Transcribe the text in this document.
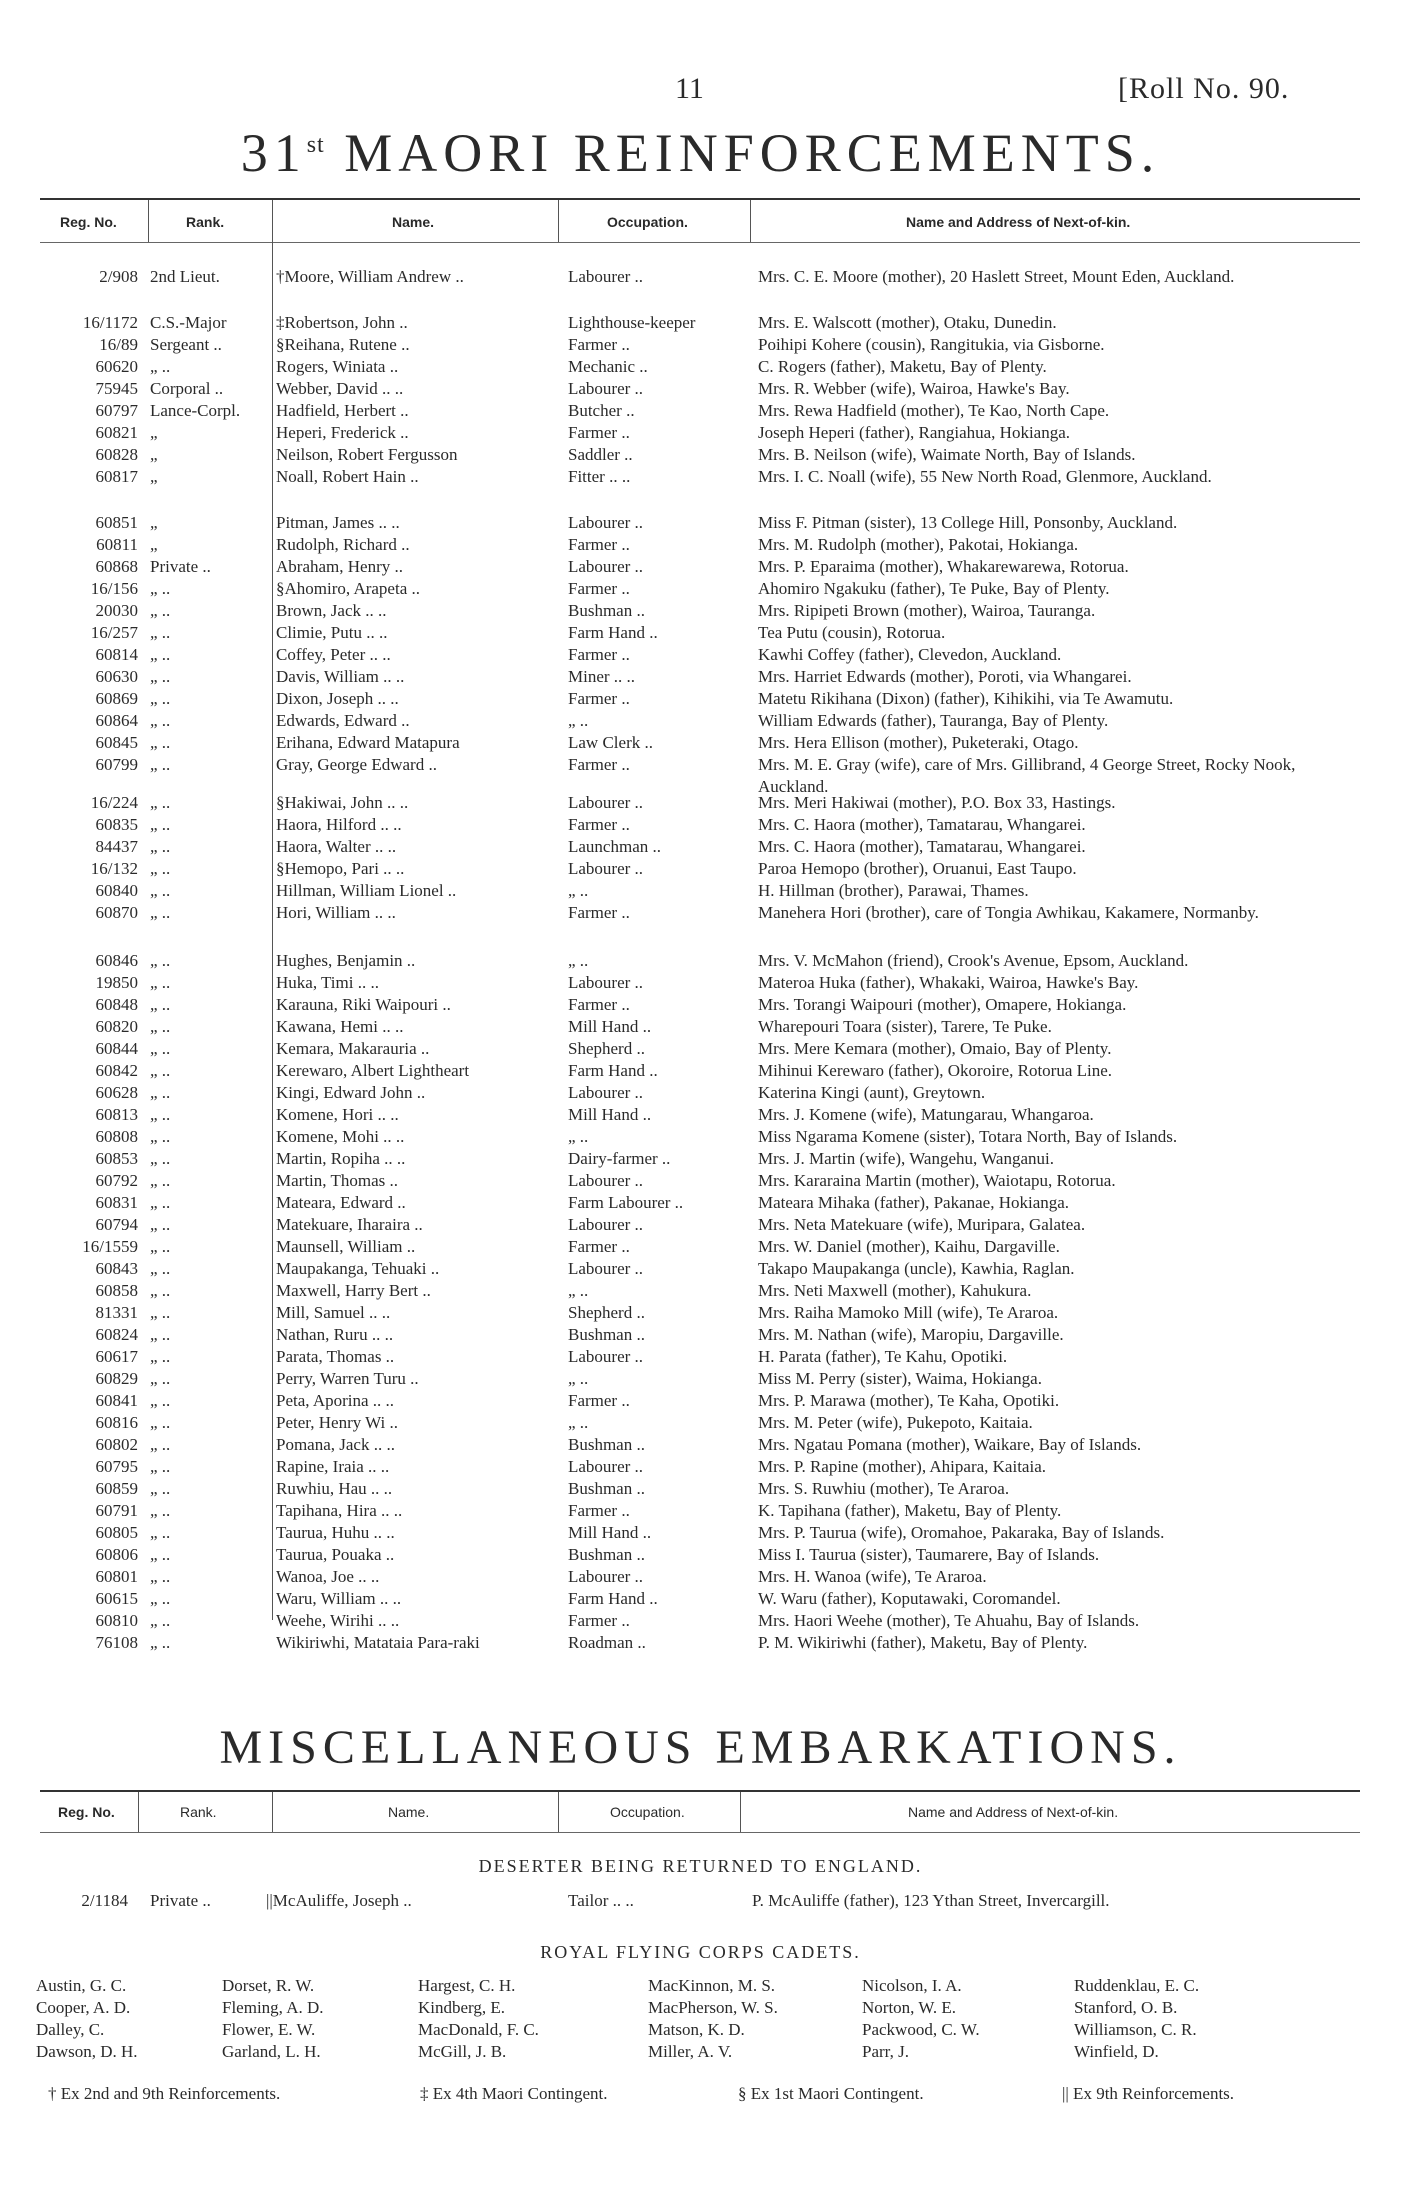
11	[Roll No. 90.
31st MAORI REINFORCEMENTS.
Reg. No.	Rank.	Name.	Occupation.	Name and Address of Next-of-kin.
2/908 2nd Lieut.	†Moore, William Andrew ..	Labourer ..	Mrs. C. E. Moore (mother), 20 Haslett Street, Mount Eden, Auckland.
16/1172 C.S.-Major	‡Robertson, John ..	Lighthouse-keeper	Mrs. E. Walscott (mother), Otaku, Dunedin.
16/89 Sergeant ..	§Reihana, Rutene ..	Farmer ..	Poihipi Kohere (cousin), Rangitukia, via Gisborne.
60620 „ ..	Rogers, Winiata ..	Mechanic ..	C. Rogers (father), Maketu, Bay of Plenty.
75945 Corporal ..	Webber, David .. ..	Labourer ..	Mrs. R. Webber (wife), Wairoa, Hawke's Bay.
60797 Lance-Corpl. Hadfield, Herbert ..	Butcher ..	Mrs. Rewa Hadfield (mother), Te Kao, North Cape.
60821 „	Heperi, Frederick ..	Farmer ..	Joseph Heperi (father), Rangiahua, Hokianga.
60828 „	Neilson, Robert Fergusson	Saddler ..	Mrs. B. Neilson (wife), Waimate North, Bay of Islands.
60817 „	Noall, Robert Hain ..	Fitter .. ..	Mrs. I. C. Noall (wife), 55 New North Road, Glenmore, Auckland.
60851 „	Pitman, James .. ..	Labourer ..	Miss F. Pitman (sister), 13 College Hill, Ponsonby, Auckland.
60811 „	Rudolph, Richard ..	Farmer ..	Mrs. M. Rudolph (mother), Pakotai, Hokianga.
60868 Private ..	Abraham, Henry ..	Labourer ..	Mrs. P. Eparaima (mother), Whakarewarewa, Rotorua.
16/156 „ ..	§Ahomiro, Arapeta ..	Farmer ..	Ahomiro Ngakuku (father), Te Puke, Bay of Plenty.
20030 „ ..	Brown, Jack .. ..	Bushman ..	Mrs. Ripipeti Brown (mother), Wairoa, Tauranga.
16/257 „ ..	Climie, Putu .. ..	Farm Hand ..	Tea Putu (cousin), Rotorua.
60814 „ ..	Coffey, Peter .. ..	Farmer ..	Kawhi Coffey (father), Clevedon, Auckland.
60630 „ ..	Davis, William .. ..	Miner .. ..	Mrs. Harriet Edwards (mother), Poroti, via Whangarei.
60869 „ ..	Dixon, Joseph .. ..	Farmer ..	Matetu Rikihana (Dixon) (father), Kihikihi, via Te Awamutu.
60864 „ ..	Edwards, Edward ..	„ ..	William Edwards (father), Tauranga, Bay of Plenty.
60845 „ ..	Erihana, Edward Matapura	Law Clerk ..	Mrs. Hera Ellison (mother), Puketeraki, Otago.
60799 „ ..	Gray, George Edward ..	Farmer ..	Mrs. M. E. Gray (wife), care of Mrs. Gillibrand, 4 George Street, Rocky Nook, Auckland.
16/224 „ ..	§Hakiwai, John .. ..	Labourer ..	Mrs. Meri Hakiwai (mother), P.O. Box 33, Hastings.
60835 „ ..	Haora, Hilford .. ..	Farmer ..	Mrs. C. Haora (mother), Tamatarau, Whangarei.
84437 „ ..	Haora, Walter .. ..	Launchman ..	Mrs. C. Haora (mother), Tamatarau, Whangarei.
16/132 „ ..	§Hemopo, Pari .. ..	Labourer ..	Paroa Hemopo (brother), Oruanui, East Taupo.
60840 „ ..	Hillman, William Lionel ..	„ ..	H. Hillman (brother), Parawai, Thames.
60870 „ ..	Hori, William .. ..	Farmer ..	Manehera Hori (brother), care of Tongia Awhikau, Kakamere, Normanby.
60846 „ ..	Hughes, Benjamin ..	„ ..	Mrs. V. McMahon (friend), Crook's Avenue, Epsom, Auckland.
19850 „ ..	Huka, Timi .. ..	Labourer ..	Materoa Huka (father), Whakaki, Wairoa, Hawke's Bay.
60848 „ ..	Karauna, Riki Waipouri ..	Farmer ..	Mrs. Torangi Waipouri (mother), Omapere, Hokianga.
60820 „ ..	Kawana, Hemi .. ..	Mill Hand ..	Wharepouri Toara (sister), Tarere, Te Puke.
60844 „ ..	Kemara, Makarauria ..	Shepherd ..	Mrs. Mere Kemara (mother), Omaio, Bay of Plenty.
60842 „ ..	Kerewaro, Albert Lightheart	Farm Hand ..	Mihinui Kerewaro (father), Okoroire, Rotorua Line.
60628 „ ..	Kingi, Edward John ..	Labourer ..	Katerina Kingi (aunt), Greytown.
60813 „ ..	Komene, Hori .. ..	Mill Hand ..	Mrs. J. Komene (wife), Matungarau, Whangaroa.
60808 „ ..	Komene, Mohi .. ..	„ ..	Miss Ngarama Komene (sister), Totara North, Bay of Islands.
60853 „ ..	Martin, Ropiha .. ..	Dairy-farmer ..	Mrs. J. Martin (wife), Wangehu, Wanganui.
60792 „ ..	Martin, Thomas ..	Labourer ..	Mrs. Kararaina Martin (mother), Waiotapu, Rotorua.
60831 „ ..	Mateara, Edward ..	Farm Labourer ..	Mateara Mihaka (father), Pakanae, Hokianga.
60794 „ ..	Matekuare, Iharaira ..	Labourer ..	Mrs. Neta Matekuare (wife), Muripara, Galatea.
16/1559 „ ..	Maunsell, William ..	Farmer ..	Mrs. W. Daniel (mother), Kaihu, Dargaville.
60843 „ ..	Maupakanga, Tehuaki ..	Labourer ..	Takapo Maupakanga (uncle), Kawhia, Raglan.
60858 „ ..	Maxwell, Harry Bert ..	„ ..	Mrs. Neti Maxwell (mother), Kahukura.
81331 „ ..	Mill, Samuel .. ..	Shepherd ..	Mrs. Raiha Mamoko Mill (wife), Te Araroa.
60824 „ ..	Nathan, Ruru .. ..	Bushman ..	Mrs. M. Nathan (wife), Maropiu, Dargaville.
60617 „ ..	Parata, Thomas ..	Labourer ..	H. Parata (father), Te Kahu, Opotiki.
60829 „ ..	Perry, Warren Turu ..	„ ..	Miss M. Perry (sister), Waima, Hokianga.
60841 „ ..	Peta, Aporina .. ..	Farmer ..	Mrs. P. Marawa (mother), Te Kaha, Opotiki.
60816 „ ..	Peter, Henry Wi ..	„ ..	Mrs. M. Peter (wife), Pukepoto, Kaitaia.
60802 „ ..	Pomana, Jack .. ..	Bushman ..	Mrs. Ngatau Pomana (mother), Waikare, Bay of Islands.
60795 „ ..	Rapine, Iraia .. ..	Labourer ..	Mrs. P. Rapine (mother), Ahipara, Kaitaia.
60859 „ ..	Ruwhiu, Hau .. ..	Bushman ..	Mrs. S. Ruwhiu (mother), Te Araroa.
60791 „ ..	Tapihana, Hira .. ..	Farmer ..	K. Tapihana (father), Maketu, Bay of Plenty.
60805 „ ..	Taurua, Huhu .. ..	Mill Hand ..	Mrs. P. Taurua (wife), Oromahoe, Pakaraka, Bay of Islands.
60806 „ ..	Taurua, Pouaka ..	Bushman ..	Miss I. Taurua (sister), Taumarere, Bay of Islands.
60801 „ ..	Wanoa, Joe .. ..	Labourer ..	Mrs. H. Wanoa (wife), Te Araroa.
60615 „ ..	Waru, William .. ..	Farm Hand ..	W. Waru (father), Koputawaki, Coromandel.
60810 „ ..	Weehe, Wirihi .. ..	Farmer ..	Mrs. Haori Weehe (mother), Te Ahuahu, Bay of Islands.
76108 „ ..	Wikiriwhi, Matataia Para-raki	Roadman ..	P. M. Wikiriwhi (father), Maketu, Bay of Plenty.
MISCELLANEOUS EMBARKATIONS.
Reg. No.	Rank.	Name.	Occupation.	Name and Address of Next-of-kin.
DESERTER BEING RETURNED TO ENGLAND.
2/1184 Private ..	||McAuliffe, Joseph ..	Tailor .. ..	P. McAuliffe (father), 123 Ythan Street, Invercargill.
ROYAL FLYING CORPS CADETS.
Austin, G. C.
Cooper, A. D.
Dalley, C.
Dawson, D. H.
Dorset, R. W.
Fleming, A. D.
Flower, E. W.
Garland, L. H.
Hargest, C. H.
Kindberg, E.
MacDonald, F. C.
McGill, J. B.
MacKinnon, M. S.
MacPherson, W. S.
Matson, K. D.
Miller, A. V.
Nicolson, I. A.
Norton, W. E.
Packwood, C. W.
Parr, J.
Ruddenklau, E. C.
Stanford, O. B.
Williamson, C. R.
Winfield, D.
† Ex 2nd and 9th Reinforcements.	‡ Ex 4th Maori Contingent.	§ Ex 1st Maori Contingent.	|| Ex 9th Reinforcements.
